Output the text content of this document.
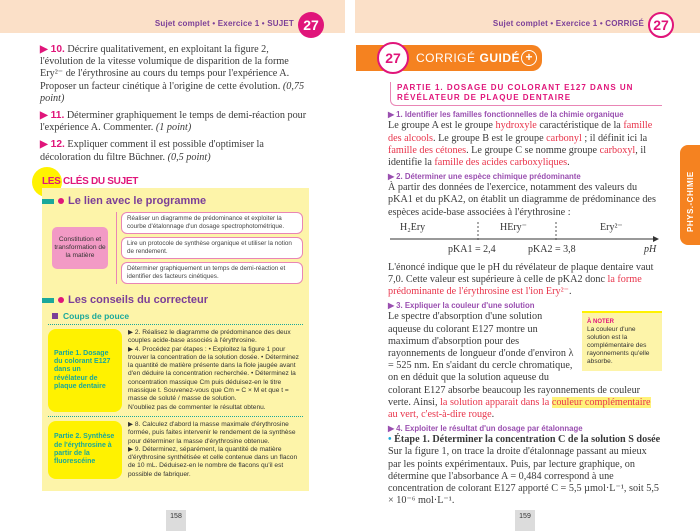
Sujet complet • Exercice 1 • SUJET 27
▶ 10. Décrire qualitativement, en exploitant la figure 2, l'évolution de la vitesse volumique de disparition de la forme Ery²⁻ de l'érythrosine au cours du temps pour l'expérience A. Proposer un facteur cinétique à l'origine de cette évolution. (0,75 point)
▶ 11. Déterminer graphiquement le temps de demi-réaction pour l'expérience A. Commenter. (1 point)
▶ 12. Expliquer comment il est possible d'optimiser la décoloration du filtre Büchner. (0,5 point)
LES CLÉS DU SUJET
Le lien avec le programme
Constitution et transformation de la matière
Réaliser un diagramme de prédominance et exploiter la courbe d'étalonnage d'un dosage spectrophotométrique.
Lire un protocole de synthèse organique et utiliser la notion de rendement.
Déterminer graphiquement un temps de demi-réaction et identifier des facteurs cinétiques.
Les conseils du correcteur
Coups de pouce
Partie 1. Dosage du colorant E127 dans un révélateur de plaque dentaire
▶ 2. Réalisez le diagramme de prédominance des deux couples acide-base associés à l'érythrosine.
▶ 4. Procédez par étapes : • Exploitez la figure 1 pour trouver la concentration de la solution dosée. • Déterminez la quantité de matière présente dans la fiole jaugée avant d'en déduire la concentration recherchée. • Déterminez la concentration massique Cm puis déduisez-en le titre massique t. Souvenez-vous que Cm = C × M et que t = masse de soluté / masse de solution.
N'oubliez pas de commenter le résultat obtenu.
Partie 2. Synthèse de l'érythrosine à partir de la fluorescéine
▶ 8. Calculez d'abord la masse maximale d'érythrosine formée, puis faites intervenir le rendement de la synthèse pour déterminer la masse d'érythrosine obtenue.
▶ 9. Déterminez, séparément, la quantité de matière d'érythrosine synthétisée et celle contenue dans un flacon de 10 mL. Déduisez-en le nombre de flacons qu'il est possible de fabriquer.
158
Sujet complet • Exercice 1 • CORRIGÉ 27
CORRIGÉ GUIDÉ
27	+
PARTIE 1. DOSAGE DU COLORANT E127 DANS UN RÉVÉLATEUR DE PLAQUE DENTAIRE
▶ 1. Identifier les familles fonctionnelles de la chimie organique
Le groupe A est le groupe hydroxyle caractéristique de la famille des alcools. Le groupe B est le groupe carbonyl ; il définit ici la famille des cétones. Le groupe C se nomme groupe carboxyl, il identifie la famille des acides carboxyliques.
▶ 2. Déterminer une espèce chimique prédominante
À partir des données de l'exercice, notamment des valeurs du pKA1 et du pKA2, on établit un diagramme de prédominance des espèces acide-base associées à l'érythrosine :
H₂Ery	HEry⁻	Ery²⁻
pKA1 = 2,4	pKA2 = 3,8	pH
L'énoncé indique que le pH du révélateur de plaque dentaire vaut 7,0. Cette valeur est supérieure à celle de pKA2 donc la forme prédominante de l'érythrosine est l'ion Ery²⁻.
▶ 3. Expliquer la couleur d'une solution
À NOTER
La couleur d'une solution est la complémentaire des rayonnements qu'elle absorbe.
Le spectre d'absorption d'une solution aqueuse du colorant E127 montre un maximum d'absorption pour des rayonnements de longueur d'onde d'environ λ = 525 nm. En s'aidant du cercle chromatique, on en déduit que la solution aqueuse du colorant E127 absorbe beaucoup les rayonnements de couleur verte. Ainsi, la solution apparait dans la couleur complémentaire au vert, c'est-à-dire rouge.
▶ 4. Exploiter le résultat d'un dosage par étalonnage
• Étape 1. Déterminer la concentration C de la solution S dosée
Sur la figure 1, on trace la droite d'étalonnage passant au mieux par les points expérimentaux. Puis, par lecture graphique, on détermine que l'absorbance A = 0,484 correspond à une concentration de colorant E127 apporté C = 5,5 µmol·L⁻¹, soit 5,5 × 10⁻⁶ mol·L⁻¹.
PHYS.-CHIMIE
159
